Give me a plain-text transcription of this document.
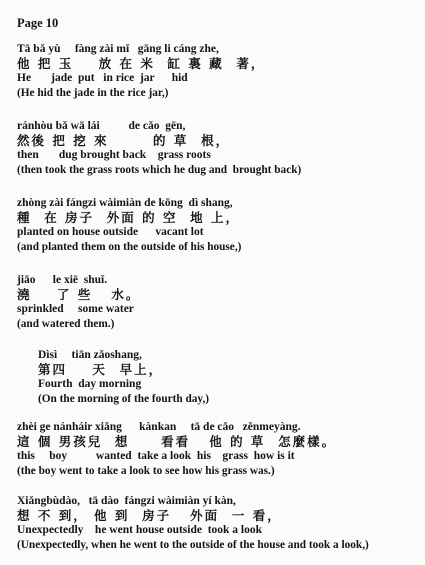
Page 10
Tā bǎ yù     fàng zài mǐ   gāng li cáng zhe,
他 把 玉    放 在 米  缸 裏 藏  著，
He       jade  put   in rice  jar      hid
(He hid the jade in the rice jar,)
ránhòu bǎ wā lái          de cǎo  gēn,
然後 把 挖 來       的 草  根，
then       dug brought back    grass roots
(then took the grass roots which he dug and  brought back)
zhòng zài fángzi wàimiàn de kōng  dì shang,
種  在 房子  外面 的 空  地 上，
planted on house outside      vacant lot
(and planted them on the outside of his house,)
jiāo      le xiē  shuǐ.
澆    了 些   水。
sprinkled     some water
(and watered them.)
Dìsì     tiān zǎoshang,
第四    天  早上，
Fourth  day morning
(On the morning of the fourth day,)
zhèi ge nánháir xiǎng      kànkan     tā de cǎo   zěnmeyàng.
這 個 男孩兒  想     看看   他 的 草  怎麼樣。
this     boy          wanted  take a look  his    grass  how is it
(the boy went to take a look to see how his grass was.)
Xiǎngbùdào,   tā dào  fángzi wàimiàn yí kàn,
想 不 到， 他 到  房子   外面  一 看，
Unexpectedly    he went house outside  took a look
(Unexpectedly, when he went to the outside of the house and took a look,)
